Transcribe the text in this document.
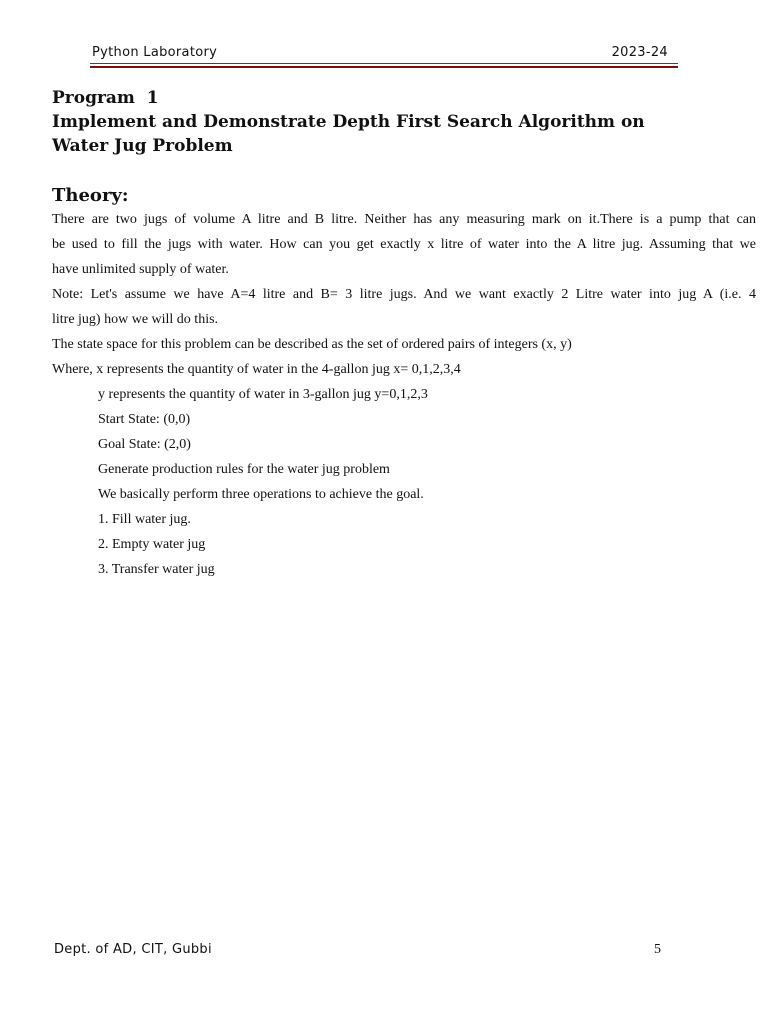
Python Laboratory	2023-24
Program  1
Implement and Demonstrate Depth First Search Algorithm on
Water Jug Problem
Theory:
There are two jugs of volume A litre and B litre. Neither has any measuring mark on it.There is a pump that can
be used to fill the jugs with water. How can you get exactly x litre of water into the A litre jug. Assuming that we
have unlimited supply of water.
Note: Let's assume we have A=4 litre and B= 3 litre jugs. And we want exactly 2 Litre water into jug A (i.e. 4
litre jug) how we will do this.
The state space for this problem can be described as the set of ordered pairs of integers (x, y)
Where, x represents the quantity of water in the 4-gallon jug x= 0,1,2,3,4
y represents the quantity of water in 3-gallon jug y=0,1,2,3
Start State: (0,0)
Goal State: (2,0)
Generate production rules for the water jug problem
We basically perform three operations to achieve the goal.
1. Fill water jug.
2. Empty water jug
3. Transfer water jug
Dept. of AD, CIT, Gubbi	5
